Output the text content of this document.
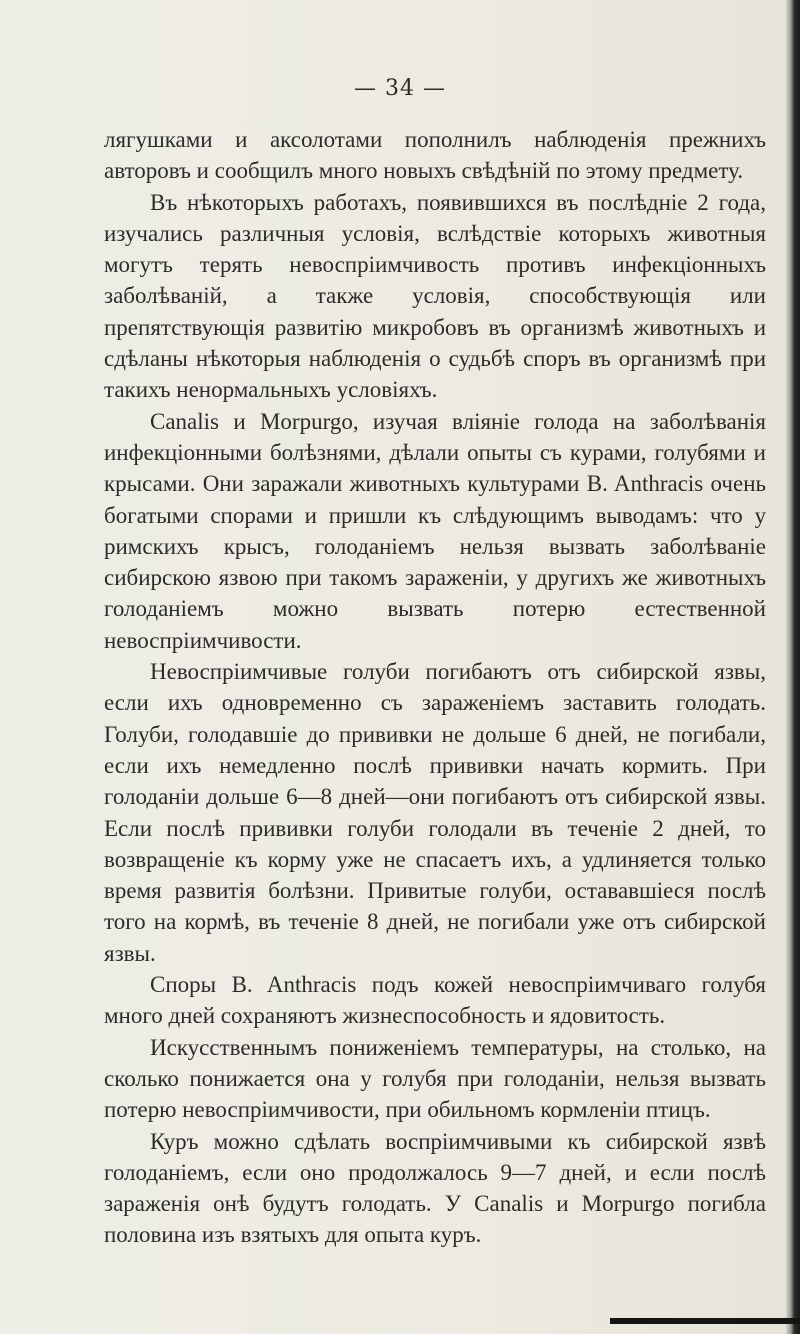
— 34 —

лягушками и аксолотами пополнилъ наблюденія прежнихъ авторовъ и сообщилъ много новыхъ свѣдѣній по этому предмету.

Въ нѣкоторыхъ работахъ, появившихся въ послѣдніе 2 года, изучались различныя условія, вслѣдствіе которыхъ животныя могутъ терять невоспріимчивость противъ инфекціонныхъ заболѣваній, а также условія, способствующія или препятствующія развитію микробовъ въ организмѣ животныхъ и сдѣланы нѣкоторыя наблюденія о судьбѣ споръ въ организмѣ при такихъ ненормальныхъ условіяхъ.

Canalis и Morpurgo, изучая вліяніе голода на заболѣванія инфекціонными болѣзнями, дѣлали опыты съ курами, голубями и крысами. Они заражали животныхъ культурами B. Anthracis очень богатыми спорами и пришли къ слѣдующимъ выводамъ: что у римскихъ крысъ, голоданіемъ нельзя вызвать заболѣваніе сибирскою язвою при такомъ зараженіи, у другихъ же животныхъ голоданіемъ можно вызвать потерю естественной невоспріимчивости.

Невоспріимчивые голуби погибаютъ отъ сибирской язвы, если ихъ одновременно съ зараженіемъ заставить голодать. Голуби, голодавшіе до прививки не дольше 6 дней, не погибали, если ихъ немедленно послѣ прививки начать кормить. При голоданіи дольше 6—8 дней—они погибаютъ отъ сибирской язвы. Если послѣ прививки голуби голодали въ теченіе 2 дней, то возвращеніе къ корму уже не спасаетъ ихъ, а удлиняется только время развитія болѣзни. Привитые голуби, остававшіеся послѣ того на кормѣ, въ теченіе 8 дней, не погибали уже отъ сибирской язвы.

Споры B. Anthracis подъ кожей невоспріимчиваго голубя много дней сохраняютъ жизнеспособность и ядовитость.

Искусственнымъ пониженіемъ температуры, на столько, на сколько понижается она у голубя при голоданіи, нельзя вызвать потерю невоспріимчивости, при обильномъ кормленіи птицъ.

Куръ можно сдѣлать воспріимчивыми къ сибирской язвѣ голоданіемъ, если оно продолжалось 9—7 дней, и если послѣ зараженія онѣ будутъ голодать. У Canalis и Morpurgo погибла половина изъ взятыхъ для опыта куръ.
